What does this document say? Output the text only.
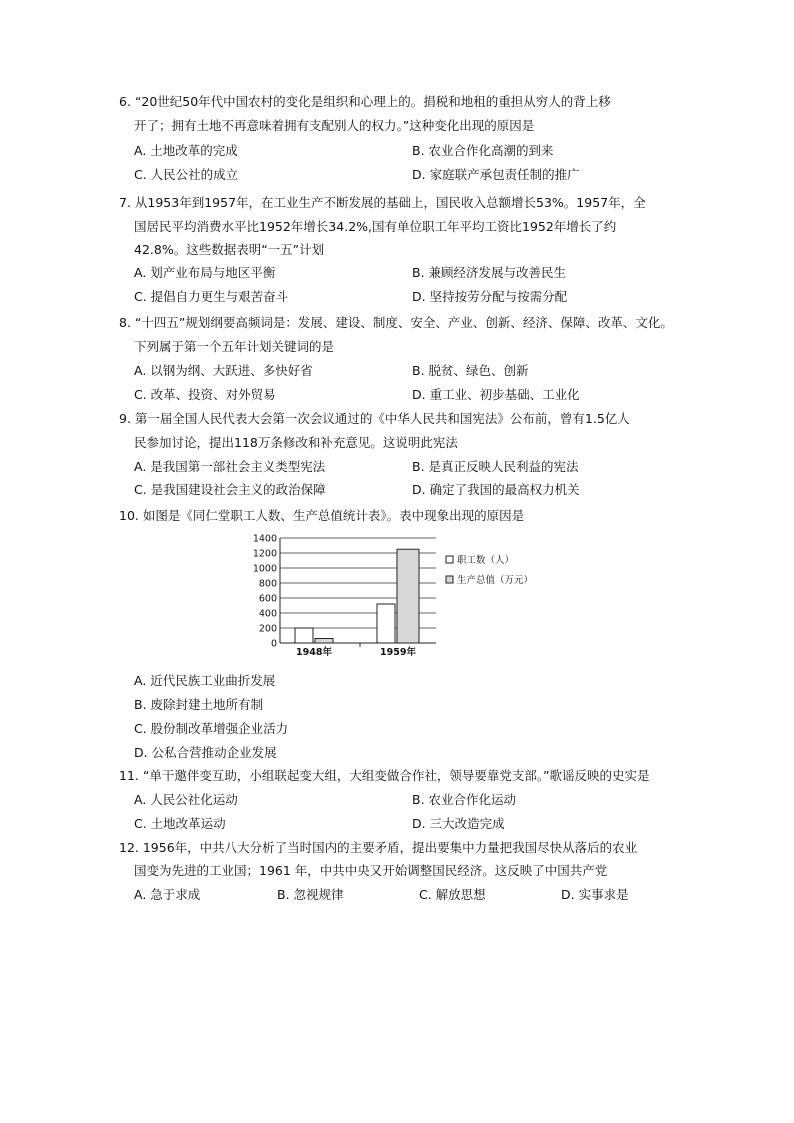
6. “20世纪50年代中国农村的变化是组织和心理上的。捐税和地租的重担从穷人的背上移
开了；拥有土地不再意味着拥有支配别人的权力。”这种变化出现的原因是
A. 土地改革的完成	B. 农业合作化高潮的到来
C. 人民公社的成立	D. 家庭联产承包责任制的推广
7. 从1953年到1957年，在工业生产不断发展的基础上，国民收入总额增长53%。1957年，全
国居民平均消费水平比1952年增长34.2%,国有单位职工年平均工资比1952年增长了约
42.8%。这些数据表明“一五”计划
A. 划产业布局与地区平衡	B. 兼顾经济发展与改善民生
C. 提倡自力更生与艰苦奋斗	D. 坚持按劳分配与按需分配
8. “十四五”规划纲要高频词是：发展、建设、制度、安全、产业、创新、经济、保障、改革、文化。
下列属于第一个五年计划关键词的是
A. 以钢为纲、大跃进、多快好省	B. 脱贫、绿色、创新
C. 改革、投资、对外贸易	D. 重工业、初步基础、工业化
9. 第一届全国人民代表大会第一次会议通过的《中华人民共和国宪法》公布前，曾有1.5亿人
民参加讨论，提出118万条修改和补充意见。这说明此宪法
A. 是我国第一部社会主义类型宪法	B. 是真正反映人民利益的宪法
C. 是我国建设社会主义的政治保障	D. 确定了我国的最高权力机关
10. 如图是《同仁堂职工人数、生产总值统计表》。表中现象出现的原因是
0
200
400
600
800
1000
1200
1400
1948年	1959年
职工数（人）
生产总值（万元）
A. 近代民族工业曲折发展
B. 废除封建土地所有制
C. 股份制改革增强企业活力
D. 公私合营推动企业发展
11. “单干邀伴变互助，小组联起变大组，大组变做合作社，领导要靠党支部。”歌谣反映的史实是
A. 人民公社化运动	B. 农业合作化运动
C. 土地改革运动	D. 三大改造完成
12. 1956年，中共八大分析了当时国内的主要矛盾，提出要集中力量把我国尽快从落后的农业
国变为先进的工业国；1961 年，中共中央又开始调整国民经济。这反映了中国共产党
A. 急于求成	B. 忽视规律	C. 解放思想	D. 实事求是
